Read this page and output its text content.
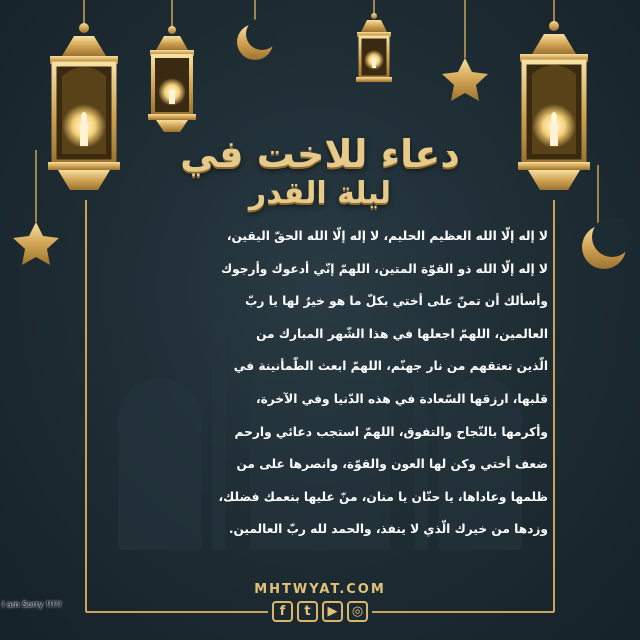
دعاء للاخت في
ليلة القدر
لا إله إلّا الله العظيم الحليم، لا إله إلّا الله الحقّ اليقين،
لا إله إلّا الله ذو القوّة المتين، اللهمّ إنّي أدعوك وأرجوك
وأسألك أن تمنّ على أختي بكلّ ما هو خيرٌ لها يا ربّ
العالمين، اللهمّ اجعلها في هذا الشّهر المبارك من
الّذين تعتقهم من نار جهنّم، اللهمّ ابعث الطّمأنينة في
قلبها، ارزقها السّعادة في هذه الدّنيا وفي الآخرة،
وأكرمها بالنّجاح والتفوق، اللهمّ استجب دعائي وارحم
ضعف أختي وكن لها العون والقوّة، وانصرها على من
ظلمها وعاداها، يا حنّان يا منان، منّ عليها بنعمك فضلك،
وزدها من خيرك الّذي لا ينفذ، والحمد لله ربّ العالمين.
MHTWYAT.COM
f	t	▶	◎
I am Sorry !!!!!
